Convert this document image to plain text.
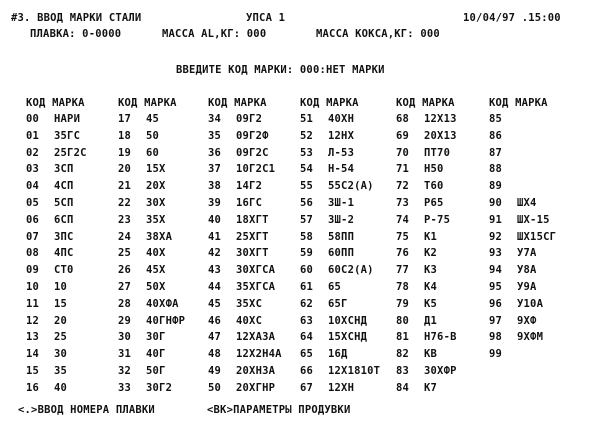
#3. ВВОД МАРКИ СТАЛИ	УПСА 1	10/04/97 .15:00
ПЛАВКА: 0-0000	МАССА AL,КГ: 000	МАССА КОКСА,КГ: 000
ВВЕДИТЕ КОД МАРКИ: 000:НЕТ МАРКИ
КОД МАРКА
00 НАРИ
01 35ГС
02 25Г2С
03 3СП
04 4СП
05 5СП
06 6СП
07 3ПС
08 4ПС
09 СТ0
10 10
11 15
12 20
13 25
14 30
15 35
16 40
КОД МАРКА
17 45
18 50
19 60
20 15Х
21 20Х
22 30Х
23 35Х
24 38ХА
25 40Х
26 45Х
27 50Х
28 40ХФА
29 40ГНФР
30 30Г
31 40Г
32 50Г
33 30Г2
КОД МАРКА
34 09Г2
35 09Г2Ф
36 09Г2С
37 10Г2С1
38 14Г2
39 16ГС
40 18ХГТ
41 25ХГТ
42 30ХГТ
43 30ХГСА
44 35ХГСА
45 35ХС
46 40ХС
47 12ХА3А
48 12Х2Н4А
49 20ХН3А
50 20ХГНР
КОД МАРКА
51 40ХН
52 12НХ
53 Л-53
54 Н-54
55 55С2(А)
56 3Ш-1
57 3Ш-2
58 58ПП
59 60ПП
60 60С2(А)
61 65
62 65Г
63 10ХСНД
64 15ХСНД
65 16Д
66 12Х1810Т
67 12ХН
КОД МАРКА
68 12Х13
69 20Х13
70 ПТ70
71 Н50
72 Т60
73 Р65
74 Р-75
75 К1
76 К2
77 К3
78 К4
79 К5
80 Д1
81 Н76-В
82 КВ
83 30ХФР
84 К7
КОД МАРКА
85
86
87
88
89
90 ШХ4
91 ШХ-15
92 ШХ15СГ
93 У7А
94 У8А
95 У9А
96 У10А
97 9ХФ
98 9ХФМ
99
<.>ВВОД НОМЕРА ПЛАВКИ	<ВК>ПАРАМЕТРЫ ПРОДУВКИ
